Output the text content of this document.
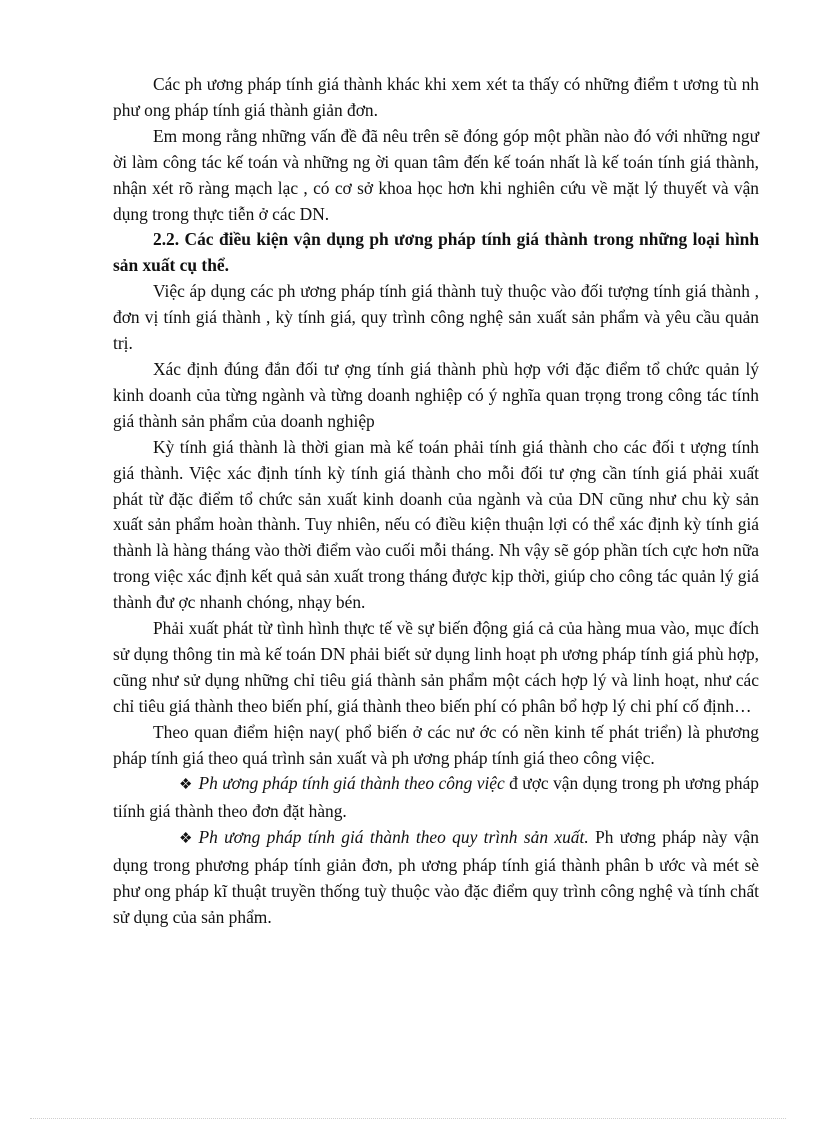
Các ph ương pháp tính giá thành khác khi xem xét ta thấy có những điểm t ương tù nh phư ong pháp tính giá thành giản đơn.

Em mong rằng những vấn đề đã nêu trên sẽ đóng góp một phần nào đó với những ngư ời làm công tác kế toán và những ng ời quan tâm đến kế toán nhất là kế toán tính giá thành, nhận xét rõ ràng mạch lạc , có cơ sở khoa học hơn khi nghiên cứu về mặt lý thuyết và vận dụng trong thực tiễn ở các DN.

2.2. Các điều kiện vận dụng ph ương pháp tính giá thành trong những loại hình sản xuất cụ thể.

Việc áp dụng các ph ương pháp tính giá thành tuỳ thuộc vào đối tượng tính giá thành , đơn vị tính giá thành , kỳ tính giá, quy trình công nghệ sản xuất sản phẩm và yêu cầu quản trị.

Xác định đúng đắn đối tư ợng tính giá thành phù hợp với đặc điểm tổ chức quản lý kinh doanh của từng ngành và từng doanh nghiệp có ý nghĩa quan trọng trong công tác tính giá thành sản phẩm của doanh nghiệp

Kỳ tính giá thành là thời gian mà kế toán phải tính giá thành cho các đối t ượng tính giá thành. Việc xác định tính kỳ tính giá thành cho mỗi đối tư ợng cần tính giá phải xuất phát từ đặc điểm tổ chức sản xuất kinh doanh của ngành và của DN cũng như chu kỳ sản xuất sản phẩm hoàn thành. Tuy nhiên, nếu có điều kiện thuận lợi có thể xác định kỳ tính giá thành là hàng tháng vào thời điểm vào cuối mỗi tháng. Nh vậy sẽ góp phần tích cực hơn nữa trong việc xác định kết quả sản xuất trong tháng được kịp thời, giúp cho công tác quản lý giá thành đư ợc nhanh chóng, nhạy bén.

Phải xuất phát từ tình hình thực tế về sự biến động giá cả của hàng mua vào, mục đích sử dụng thông tin mà kế toán DN phải biết sử dụng linh hoạt ph ương pháp tính giá phù hợp, cũng như sử dụng những chỉ tiêu giá thành sản phẩm một cách hợp lý và linh hoạt, như các chỉ tiêu giá thành theo biến phí, giá thành theo biến phí có phân bổ hợp lý chi phí cố định…

Theo quan điểm hiện nay( phổ biến ở các nư ớc có nền kinh tế phát triển) là phương pháp tính giá theo quá trình sản xuất và ph ương pháp tính giá theo công việc.

❖ Ph ương pháp tính giá thành theo công việc đ ược vận dụng trong ph ương pháp tiính giá thành theo đơn đặt hàng.

❖ Ph ương pháp tính giá thành theo quy trình sản xuất. Ph ương pháp này vận dụng trong phương pháp tính giản đơn, ph ương pháp tính giá thành phân b ước và mét sè phư ong pháp kĩ thuật truyền thống tuỳ thuộc vào đặc điểm quy trình công nghệ và tính chất sử dụng của sản phẩm.
